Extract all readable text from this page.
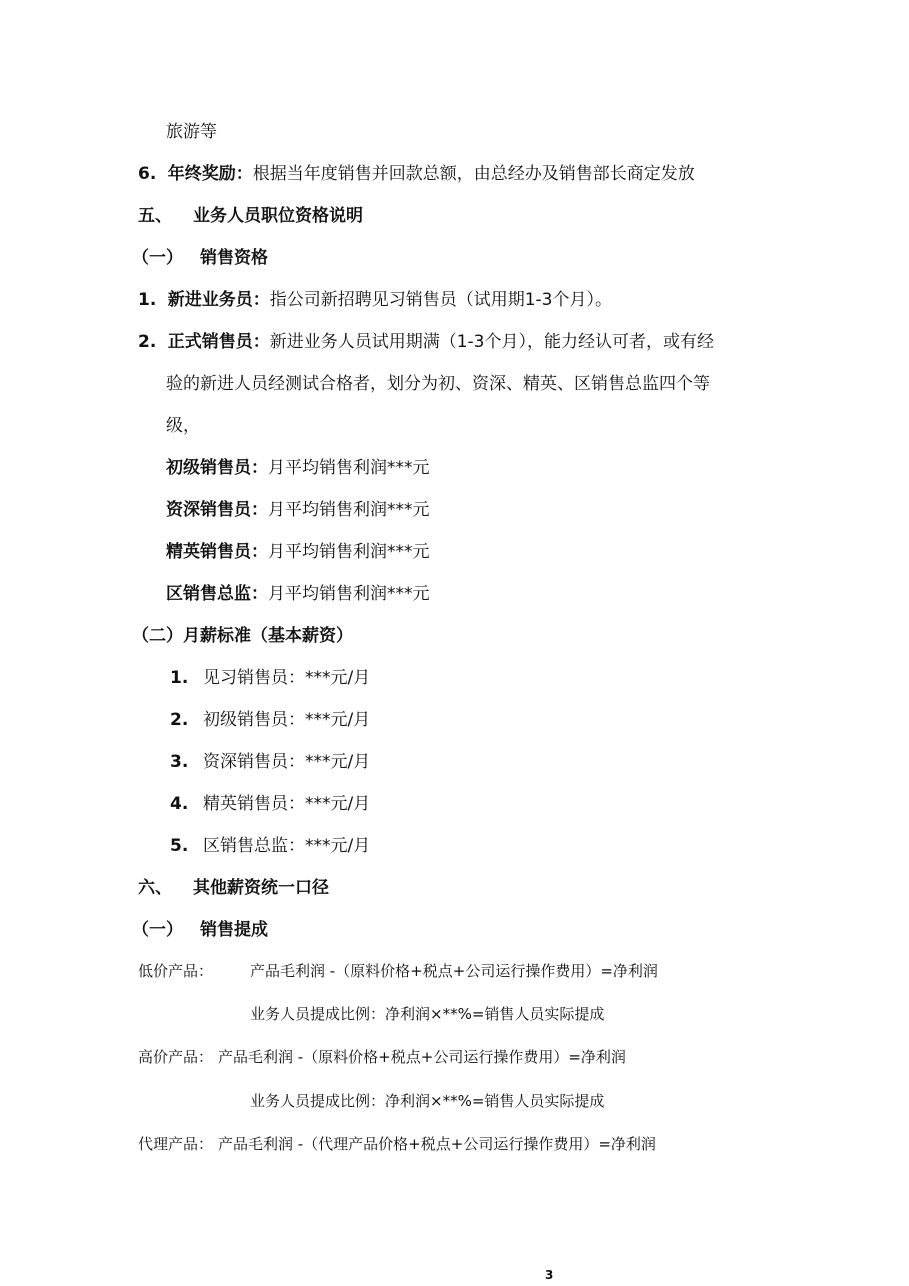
旅游等
6. 年终奖励：根据当年度销售并回款总额，由总经办及销售部长商定发放
五、 业务人员职位资格说明
（一） 销售资格
1. 新进业务员：指公司新招聘见习销售员（试用期1-3个月）。
2. 正式销售员：新进业务人员试用期满（1-3个月），能力经认可者，或有经
验的新进人员经测试合格者，划分为初、资深、精英、区销售总监四个等
级，
初级销售员：月平均销售利润***元
资深销售员：月平均销售利润***元
精英销售员：月平均销售利润***元
区销售总监：月平均销售利润***元
（二）月薪标准（基本薪资）
1. 见习销售员：***元/月
2. 初级销售员：***元/月
3. 资深销售员：***元/月
4. 精英销售员：***元/月
5. 区销售总监：***元/月
六、 其他薪资统一口径
（一） 销售提成
低价产品： 产品毛利润 -（原料价格+税点+公司运行操作费用）=净利润
业务人员提成比例：净利润×**%=销售人员实际提成
高价产品： 产品毛利润 -（原料价格+税点+公司运行操作费用）=净利润
业务人员提成比例：净利润×**%=销售人员实际提成
代理产品： 产品毛利润 -（代理产品价格+税点+公司运行操作费用）=净利润
3
